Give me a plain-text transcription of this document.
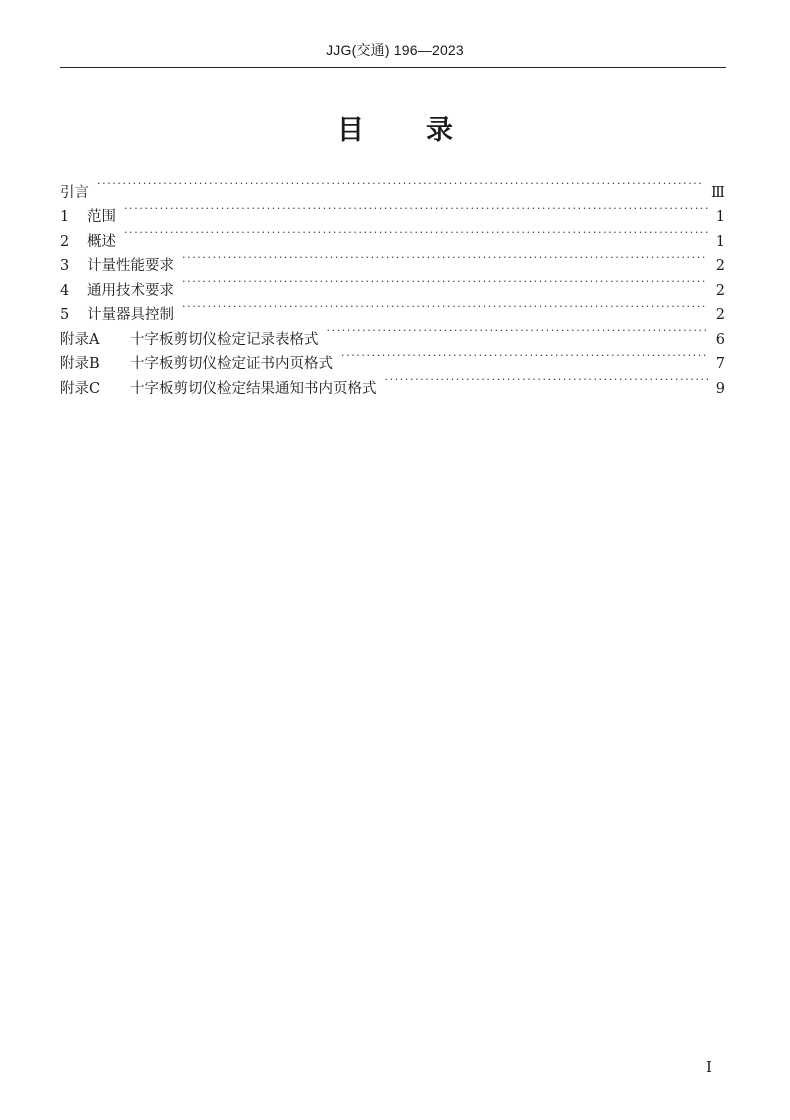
JJG(交通) 196—2023
目录
引言 ·····	Ⅲ
1	范围 ·····	1
2	概述 ·····	1
3	计量性能要求 ·····	2
4	通用技术要求 ·····	2
5	计量器具控制 ·····	2
附录A	十字板剪切仪检定记录表格式 ·····	6
附录B	十字板剪切仪检定证书内页格式 ·····	7
附录C	十字板剪切仪检定结果通知书内页格式 ·····	9
Ⅰ
